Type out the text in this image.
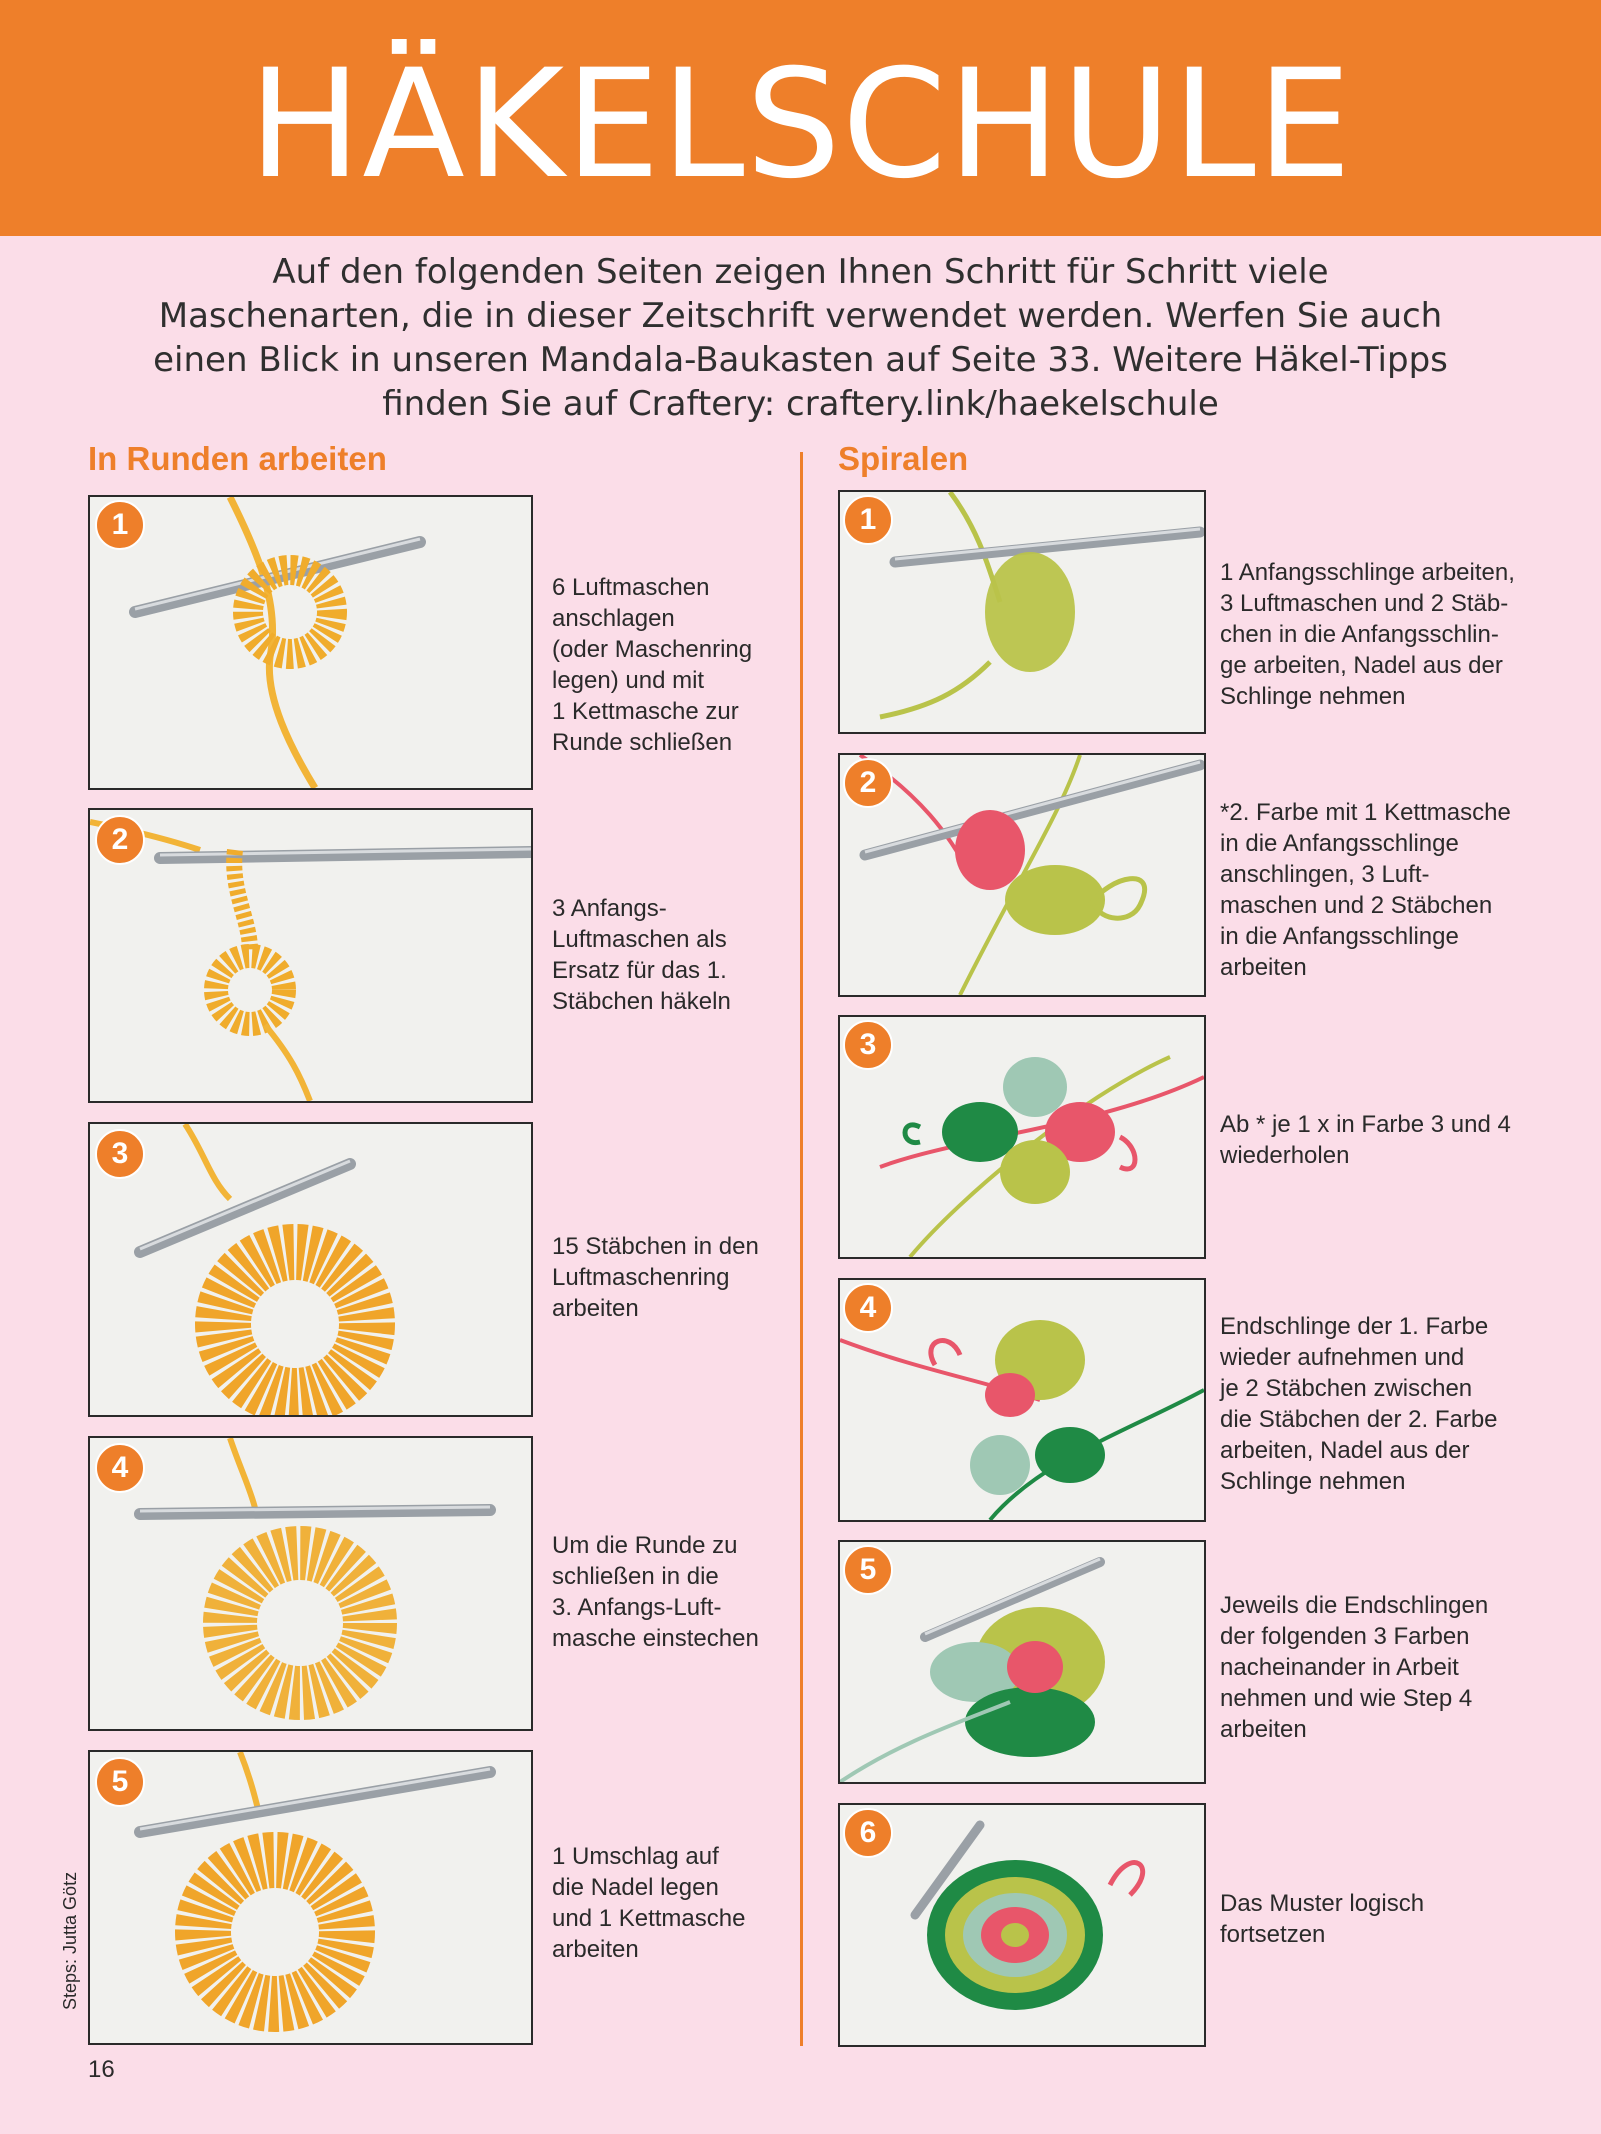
HÄKELSCHULE
Auf den folgenden Seiten zeigen Ihnen Schritt für Schritt viele
Maschenarten, die in dieser Zeitschrift verwendet werden. Werfen Sie auch
einen Blick in unseren Mandala-Baukasten auf Seite 33. Weitere Häkel-Tipps
finden Sie auf Craftery: craftery.link/haekelschule
In Runden arbeiten	Spiralen
1
6 Luftmaschen
anschlagen
(oder Maschenring
legen) und mit
1 Kettmasche zur
Runde schließen
2
3 Anfangs-
Luftmaschen als
Ersatz für das 1.
Stäbchen häkeln
3
15 Stäbchen in den
Luftmaschenring
arbeiten
4
Um die Runde zu
schließen in die
3. Anfangs-Luft-
masche einstechen
5
1 Umschlag auf
die Nadel legen
und 1 Kettmasche
arbeiten
1
1 Anfangsschlinge arbeiten,
3 Luftmaschen und 2 Stäb-
chen in die Anfangsschlin-
ge arbeiten, Nadel aus der
Schlinge nehmen
2
*2. Farbe mit 1 Kettmasche
in die Anfangsschlinge
anschlingen, 3 Luft-
maschen und 2 Stäbchen
in die Anfangsschlinge
arbeiten
3
Ab * je 1 x in Farbe 3 und 4
wiederholen
4
Endschlinge der 1. Farbe
wieder aufnehmen und
je 2 Stäbchen zwischen
die Stäbchen der 2. Farbe
arbeiten, Nadel aus der
Schlinge nehmen
5
Jeweils die Endschlingen
der folgenden 3 Farben
nacheinander in Arbeit
nehmen und wie Step 4
arbeiten
6
Das Muster logisch
fortsetzen
Steps: Jutta Götz
16
